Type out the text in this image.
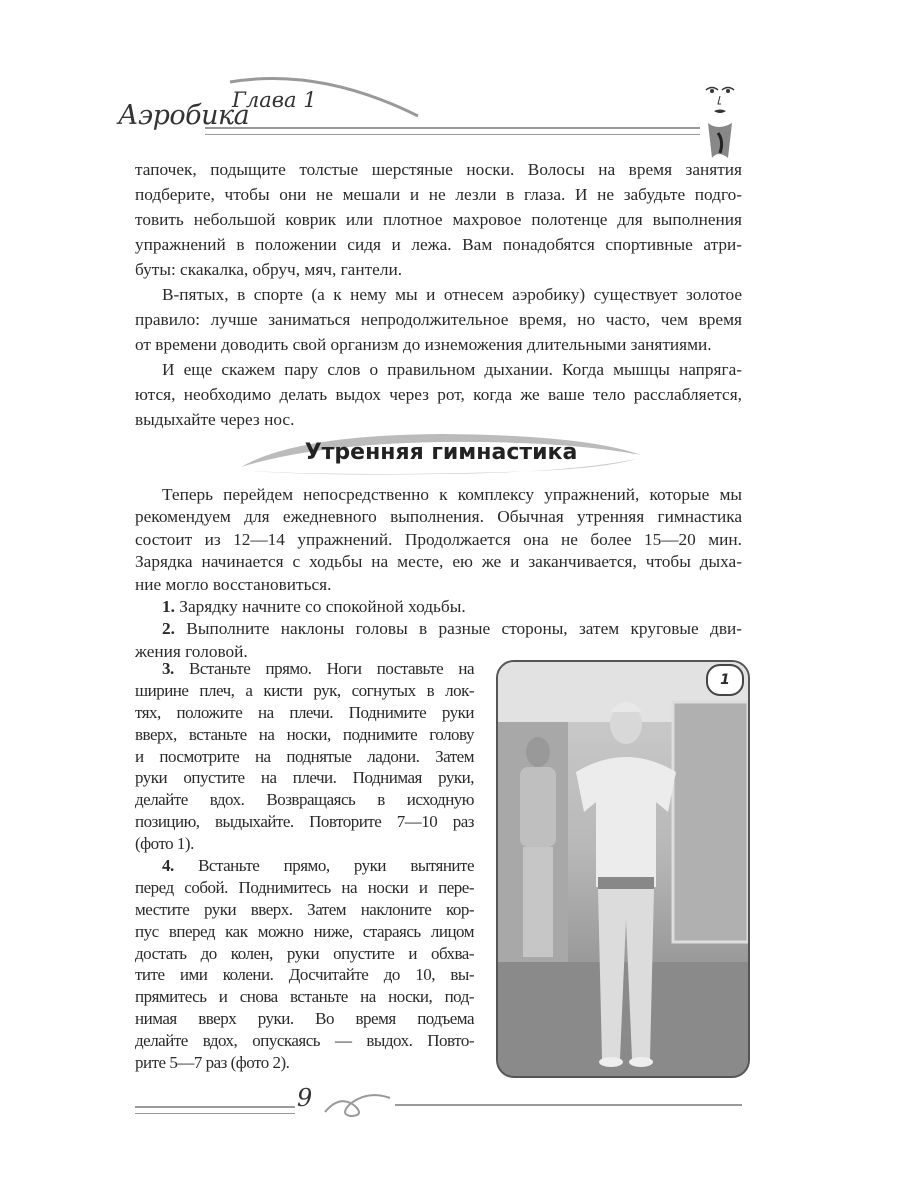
Аэробика
Глава 1
тапочек, подыщите толстые шерстяные носки. Волосы на время занятия
подберите, чтобы они не мешали и не лезли в глаза. И не забудьте подго-
товить небольшой коврик или плотное махровое полотенце для выполнения
упражнений в положении сидя и лежа. Вам понадобятся спортивные атри-
буты: скакалка, обруч, мяч, гантели.
В-пятых, в спорте (а к нему мы и отнесем аэробику) существует золотое
правило: лучше заниматься непродолжительное время, но часто, чем время
от времени доводить свой организм до изнеможения длительными занятиями.
И еще скажем пару слов о правильном дыхании. Когда мышцы напряга-
ются, необходимо делать выдох через рот, когда же ваше тело расслабляется,
выдыхайте через нос.
Утренняя гимнастика
Теперь перейдем непосредственно к комплексу упражнений, которые мы
рекомендуем для ежедневного выполнения. Обычная утренняя гимнастика
состоит из 12—14 упражнений. Продолжается она не более 15—20 мин.
Зарядка начинается с ходьбы на месте, ею же и заканчивается, чтобы дыха-
ние могло восстановиться.
1. Зарядку начните со спокойной ходьбы.
2. Выполните наклоны головы в разные стороны, затем круговые дви-
жения головой.
3. Встаньте прямо. Ноги поставьте на
ширине плеч, а кисти рук, согнутых в лок-
тях, положите на плечи. Поднимите руки
вверх, встаньте на носки, поднимите голову
и посмотрите на поднятые ладони. Затем
руки опустите на плечи. Поднимая руки,
делайте вдох. Возвращаясь в исходную
позицию, выдыхайте. Повторите 7—10 раз
(фото 1).
4. Встаньте прямо, руки вытяните
перед собой. Поднимитесь на носки и пере-
местите руки вверх. Затем наклоните кор-
пус вперед как можно ниже, стараясь лицом
достать до колен, руки опустите и обхва-
тите ими колени. Досчитайте до 10, вы-
прямитесь и снова встаньте на носки, под-
нимая вверх руки. Во время подъема
делайте вдох, опускаясь — выдох. Повто-
рите 5—7 раз (фото 2).
1
9
